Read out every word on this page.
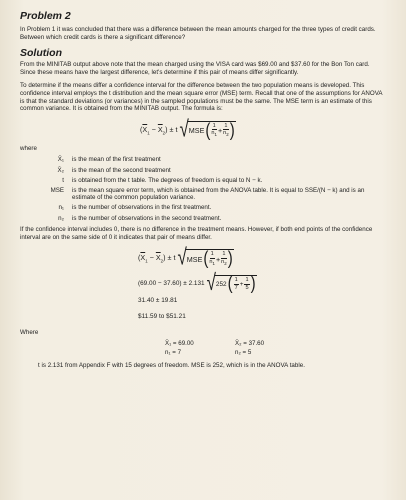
Problem 2

In Problem 1 it was concluded that there was a difference between the mean amounts charged for the three types of credit cards. Between which credit cards is there a significant difference?

Solution

From the MINITAB output above note that the mean charged using the VISA card was $69.00 and $37.60 for the Bon Ton card. Since these means have the largest difference, let's determine if this pair of means differ significantly.

To determine if the means differ a confidence interval for the difference between the two population means is developed. This confidence interval employs the t distribution and the mean square error (MSE) term. Recall that one of the assumptions for ANOVA is that the standard deviations (or variances) in the sampled populations must be the same. The MSE term is an estimate of this common variance. It is obtained from the MINITAB output. The formula is:

$(\overline{X}_1 - \overline{X}_2) \pm t$ √ MSE ( $\frac{1}{n_1} + \frac{1}{n_2}$ )

where

X̄₁	is the mean of the first treatment
X̄₂	is the mean of the second treatment
t	is obtained from the t table. The degrees of freedom is equal to N − k.
MSE	is the mean square error term, which is obtained from the ANOVA table. It is equal to SSE/(N − k) and is an estimate of the common population variance.
n₁	is the number of observations in the first treatment.
n₂	is the number of observations in the second treatment.

If the confidence interval includes 0, there is no difference in the treatment means. However, if both end points of the confidence interval are on the same side of 0 it indicates that pair of means differ.

$(\overline{X}_1 - \overline{X}_2) \pm t$ √ MSE ( $\frac{1}{n_1} + \frac{1}{n_2}$ )
(69.00 − 37.60) ± 2.131 √ 252 ( $\frac{1}{7} + \frac{1}{5}$ )

31.40 ± 19.81

$11.59 to $51.21

Where

X̄₁ = 69.00	X̄₂ = 37.60
n₁ = 7	n₂ = 5

t is 2.131 from Appendix F with 15 degrees of freedom. MSE is 252, which is in the ANOVA table.
